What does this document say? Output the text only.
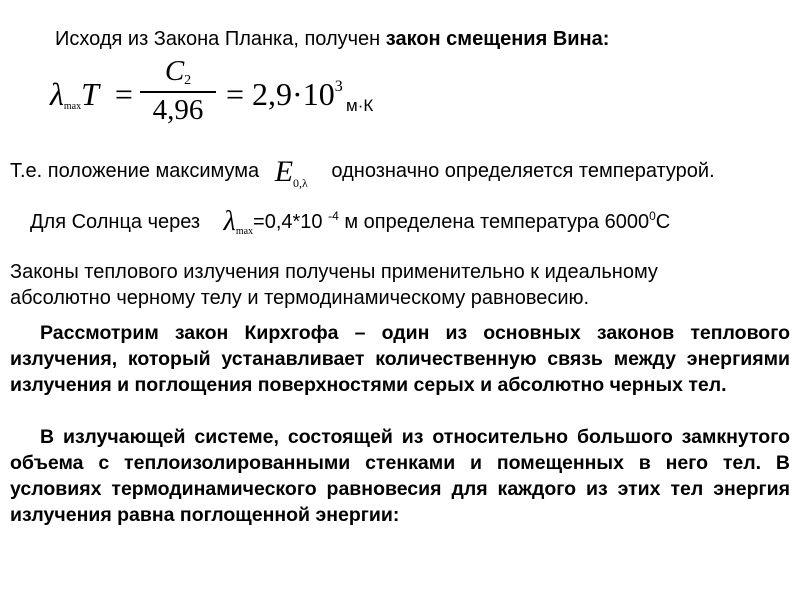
Исходя из Закона Планка, получен закон смещения Вина:
$\lambda_{max}T$ =
$C_2$
$4,96 = 2,9\cdot 10^3$
м·К
Т.е. положение максимума $E_{0,\lambda}$ однозначно определяется температурой.
Для Солнца через $\lambda_{max}=0,4*10$ $^{-4}$ м определена температура 6000$^0$С
Законы теплового излучения получены применительно к идеальному
абсолютно черному телу и термодинамическому равновесию.
Рассмотрим закон Кирхгофа – один из основных законов теплового излучения, который устанавливает количественную связь между энергиями излучения и поглощения поверхностями серых и абсолютно черных тел.
В излучающей системе, состоящей из относительно большого замкнутого объема с теплоизолированными стенками и помещенных в него тел. В условиях термодинамического равновесия для каждого из этих тел энергия излучения равна поглощенной энергии:
